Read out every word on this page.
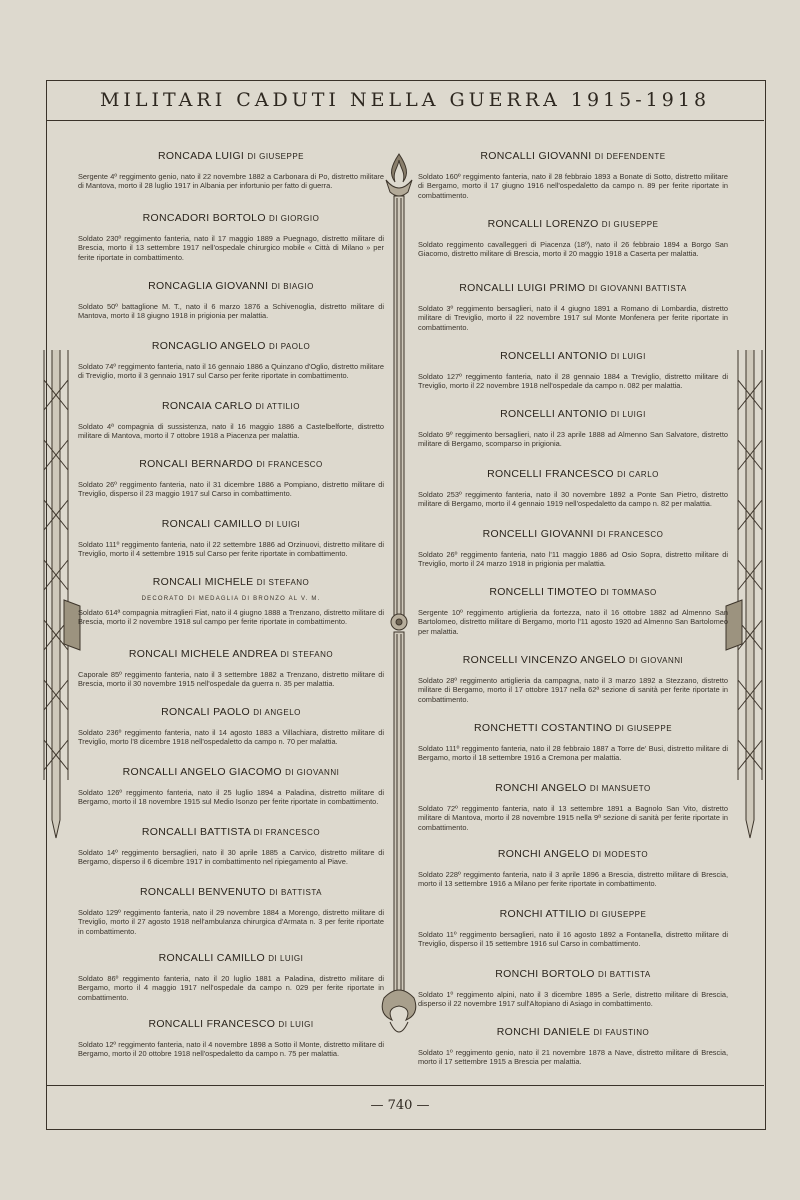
MILITARI CADUTI NELLA GUERRA 1915-1918
RONCADA LUIGI DI GIUSEPPE
Sergente 4º reggimento genio, nato il 22 novembre 1882 a Carbonara di Po, distretto militare di Mantova, morto il 28 luglio 1917 in Albania per infortunio per fatto di guerra.
RONCADORI BORTOLO DI GIORGIO
Soldato 230º reggimento fanteria, nato il 17 maggio 1889 a Puegnago, distretto militare di Brescia, morto il 13 settembre 1917 nell'ospedale chirurgico mobile « Città di Milano » per ferite riportate in combattimento.
RONCAGLIA GIOVANNI DI BIAGIO
Soldato 50º battaglione M. T., nato il 6 marzo 1876 a Schivenoglia, distretto militare di Mantova, morto il 18 giugno 1918 in prigionia per malattia.
RONCAGLIO ANGELO DI PAOLO
Soldato 74º reggimento fanteria, nato il 16 gennaio 1886 a Quinzano d'Oglio, distretto militare di Treviglio, morto il 3 gennaio 1917 sul Carso per ferite riportate in combattimento.
RONCAIA CARLO DI ATTILIO
Soldato 4ª compagnia di sussistenza, nato il 16 maggio 1886 a Castelbelforte, distretto militare di Mantova, morto il 7 ottobre 1918 a Piacenza per malattia.
RONCALI BERNARDO DI FRANCESCO
Soldato 26º reggimento fanteria, nato il 31 dicembre 1886 a Pompiano, distretto militare di Treviglio, disperso il 23 maggio 1917 sul Carso in combattimento.
RONCALI CAMILLO DI LUIGI
Soldato 111º reggimento fanteria, nato il 22 settembre 1886 ad Orzinuovi, distretto militare di Treviglio, morto il 4 settembre 1915 sul Carso per ferite riportate in combattimento.
RONCALI MICHELE DI STEFANO
DECORATO DI MEDAGLIA DI BRONZO AL V. M.
Soldato 614ª compagnia mitraglieri Fiat, nato il 4 giugno 1888 a Trenzano, distretto militare di Brescia, morto il 2 novembre 1918 sul campo per ferite riportate in combattimento.
RONCALI MICHELE ANDREA DI STEFANO
Caporale 85º reggimento fanteria, nato il 3 settembre 1882 a Trenzano, distretto militare di Brescia, morto il 30 novembre 1915 nell'ospedale da guerra n. 35 per malattia.
RONCALI PAOLO DI ANGELO
Soldato 236º reggimento fanteria, nato il 14 agosto 1883 a Villachiara, distretto militare di Treviglio, morto l'8 dicembre 1918 nell'ospedaletto da campo n. 70 per malattia.
RONCALLI ANGELO GIACOMO DI GIOVANNI
Soldato 126º reggimento fanteria, nato il 25 luglio 1894 a Paladina, distretto militare di Bergamo, morto il 18 novembre 1915 sul Medio Isonzo per ferite riportate in combattimento.
RONCALLI BATTISTA DI FRANCESCO
Soldato 14º reggimento bersaglieri, nato il 30 aprile 1885 a Carvico, distretto militare di Bergamo, disperso il 6 dicembre 1917 in combattimento nel ripiegamento al Piave.
RONCALLI BENVENUTO DI BATTISTA
Soldato 129º reggimento fanteria, nato il 29 novembre 1884 a Morengo, distretto militare di Treviglio, morto il 27 agosto 1918 nell'ambulanza chirurgica d'Armata n. 3 per ferite riportate in combattimento.
RONCALLI CAMILLO DI LUIGI
Soldato 86º reggimento fanteria, nato il 20 luglio 1881 a Paladina, distretto militare di Bergamo, morto il 4 maggio 1917 nell'ospedale da campo n. 029 per ferite riportate in combattimento.
RONCALLI FRANCESCO DI LUIGI
Soldato 12º reggimento fanteria, nato il 4 novembre 1898 a Sotto il Monte, distretto militare di Bergamo, morto il 20 ottobre 1918 nell'ospedaletto da campo n. 75 per malattia.
RONCALLI GIOVANNI DI DEFENDENTE
Soldato 160º reggimento fanteria, nato il 28 febbraio 1893 a Bonate di Sotto, distretto militare di Bergamo, morto il 17 giugno 1916 nell'ospedaletto da campo n. 89 per ferite riportate in combattimento.
RONCALLI LORENZO DI GIUSEPPE
Soldato reggimento cavalleggeri di Piacenza (18º), nato il 26 febbraio 1894 a Borgo San Giacomo, distretto militare di Brescia, morto il 20 maggio 1918 a Caserta per malattia.
RONCALLI LUIGI PRIMO DI GIOVANNI BATTISTA
Soldato 3º reggimento bersaglieri, nato il 4 giugno 1891 a Romano di Lombardia, distretto militare di Treviglio, morto il 22 novembre 1917 sul Monte Monfenera per ferite riportate in combattimento.
RONCELLI ANTONIO DI LUIGI
Soldato 127º reggimento fanteria, nato il 28 gennaio 1884 a Treviglio, distretto militare di Treviglio, morto il 22 novembre 1918 nell'ospedale da campo n. 082 per malattia.
RONCELLI ANTONIO DI LUIGI
Soldato 9º reggimento bersaglieri, nato il 23 aprile 1888 ad Almenno San Salvatore, distretto militare di Bergamo, scomparso in prigionia.
RONCELLI FRANCESCO DI CARLO
Soldato 253º reggimento fanteria, nato il 30 novembre 1892 a Ponte San Pietro, distretto militare di Bergamo, morto il 4 gennaio 1919 nell'ospedaletto da campo n. 82 per malattia.
RONCELLI GIOVANNI DI FRANCESCO
Soldato 26º reggimento fanteria, nato l'11 maggio 1886 ad Osio Sopra, distretto militare di Treviglio, morto il 24 marzo 1918 in prigionia per malattia.
RONCELLI TIMOTEO DI TOMMASO
Sergente 10º reggimento artiglieria da fortezza, nato il 16 ottobre 1882 ad Almenno San Bartolomeo, distretto militare di Bergamo, morto l'11 agosto 1920 ad Almenno San Bartolomeo per malattia.
RONCELLI VINCENZO ANGELO DI GIOVANNI
Soldato 28º reggimento artiglieria da campagna, nato il 3 marzo 1892 a Stezzano, distretto militare di Bergamo, morto il 17 ottobre 1917 nella 62ª sezione di sanità per ferite riportate in combattimento.
RONCHETTI COSTANTINO DI GIUSEPPE
Soldato 111º reggimento fanteria, nato il 28 febbraio 1887 a Torre de' Busi, distretto militare di Bergamo, morto il 18 settembre 1916 a Cremona per malattia.
RONCHI ANGELO DI MANSUETO
Soldato 72º reggimento fanteria, nato il 13 settembre 1891 a Bagnolo San Vito, distretto militare di Mantova, morto il 28 novembre 1915 nella 9ª sezione di sanità per ferite riportate in combattimento.
RONCHI ANGELO DI MODESTO
Soldato 228º reggimento fanteria, nato il 3 aprile 1896 a Brescia, distretto militare di Brescia, morto il 13 settembre 1916 a Milano per ferite riportate in combattimento.
RONCHI ATTILIO DI GIUSEPPE
Soldato 11º reggimento bersaglieri, nato il 16 agosto 1892 a Fontanella, distretto militare di Treviglio, disperso il 15 settembre 1916 sul Carso in combattimento.
RONCHI BORTOLO DI BATTISTA
Soldato 1º reggimento alpini, nato il 3 dicembre 1895 a Serle, distretto militare di Brescia, disperso il 22 novembre 1917 sull'Altopiano di Asiago in combattimento.
RONCHI DANIELE DI FAUSTINO
Soldato 1º reggimento genio, nato il 21 novembre 1878 a Nave, distretto militare di Brescia, morto il 17 settembre 1915 a Brescia per malattia.
— 740 —
